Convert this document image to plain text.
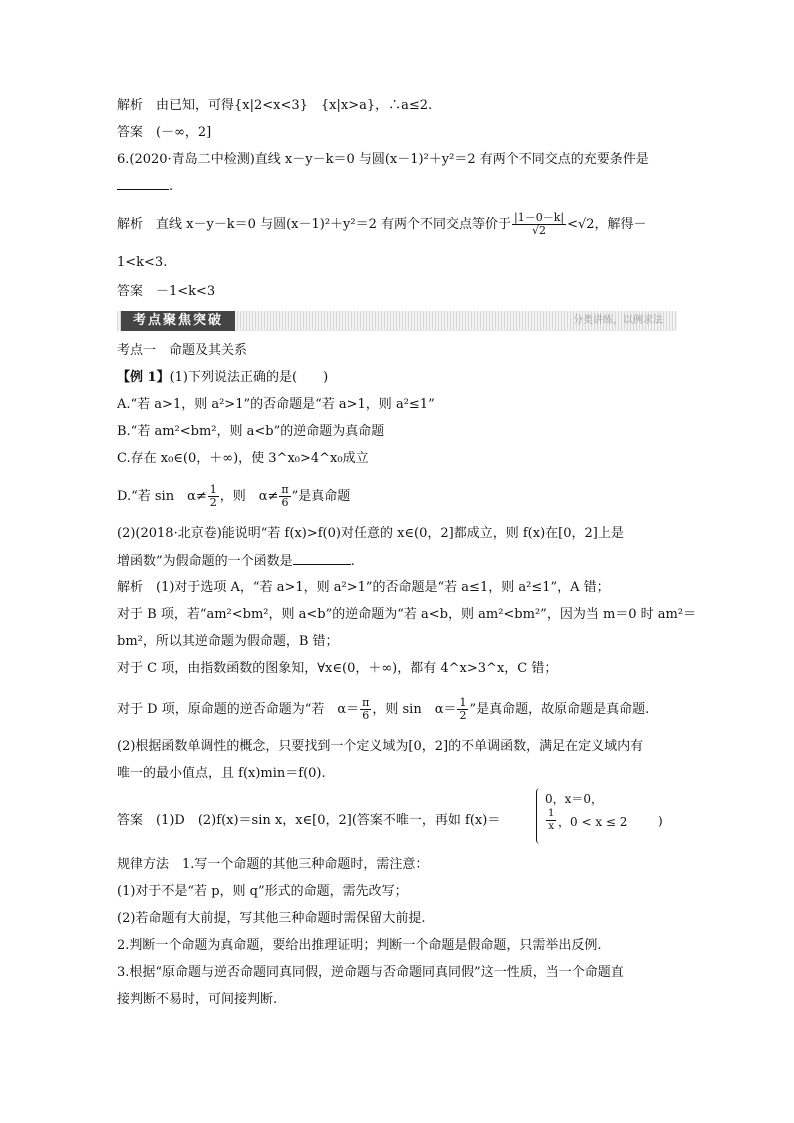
解析　由已知，可得{x|2<x<3}　{x|x>a}，∴a≤2.
答案　(－∞，2]
6.(2020·青岛二中检测)直线 x－y－k＝0 与圆(x－1)²＋y²＝2 有两个不同交点的充要条件是
.
解析　直线 x－y－k＝0 与圆(x－1)²＋y²＝2 有两个不同交点等价于 $\frac{|1-0-k|}{√2} <√2$，解得－
1<k<3.
答案　－1<k<3
考点聚焦突破	分类讲练，以例求法
考点一　命题及其关系
【例 1】(1)下列说法正确的是(　　)
A.“若 a>1，则 a²>1”的否命题是“若 a>1，则 a²≤1”
B.“若 am²<bm²，则 a<b”的逆命题为真命题
C.存在 x₀∈(0，＋∞)，使 3^x₀>4^x₀成立
D.“若 sin　$\alpha\ne \frac{1}{2}$ ，则　$\alpha\ne \frac{\pi}{6}$ ”是真命题
(2)(2018·北京卷)能说明“若 f(x)>f(0)对任意的 x∈(0，2]都成立，则 f(x)在[0，2]上是
增函数”为假命题的一个函数是	.
解析　(1)对于选项 A，“若 a>1，则 a²>1”的否命题是“若 a≤1，则 a²≤1”，A 错；
对于 B 项，若“am²<bm²，则 a<b”的逆命题为“若 a<b，则 am²<bm²”，因为当 m＝0 时 am²＝
bm²，所以其逆命题为假命题，B 错；
对于 C 项，由指数函数的图象知，∀x∈(0，＋∞)，都有 4^x>3^x，C 错；
对于 D 项，原命题的逆否命题为“若　$\alpha= \frac{\pi}{6}$ ，则 sin　$\alpha= \frac{1}{2}$ ”是真命题，故原命题是真命题.
(2)根据函数单调性的概念，只要找到一个定义域为[0，2]的不单调函数，满足在定义域内有
唯一的最小值点，且 f(x)min＝f(0).
答案　(1)D　(2)f(x)＝sin x，x∈[0，2](答案不唯一，再如 f(x)＝
0，x＝0，
$\frac{1}{x}$ ，0 < x ≤ 2	)
规律方法　1.写一个命题的其他三种命题时，需注意：
(1)对于不是“若 p，则 q”形式的命题，需先改写；
(2)若命题有大前提，写其他三种命题时需保留大前提.
2.判断一个命题为真命题，要给出推理证明；判断一个命题是假命题，只需举出反例.
3.根据“原命题与逆否命题同真同假，逆命题与否命题同真同假”这一性质，当一个命题直
接判断不易时，可间接判断.
